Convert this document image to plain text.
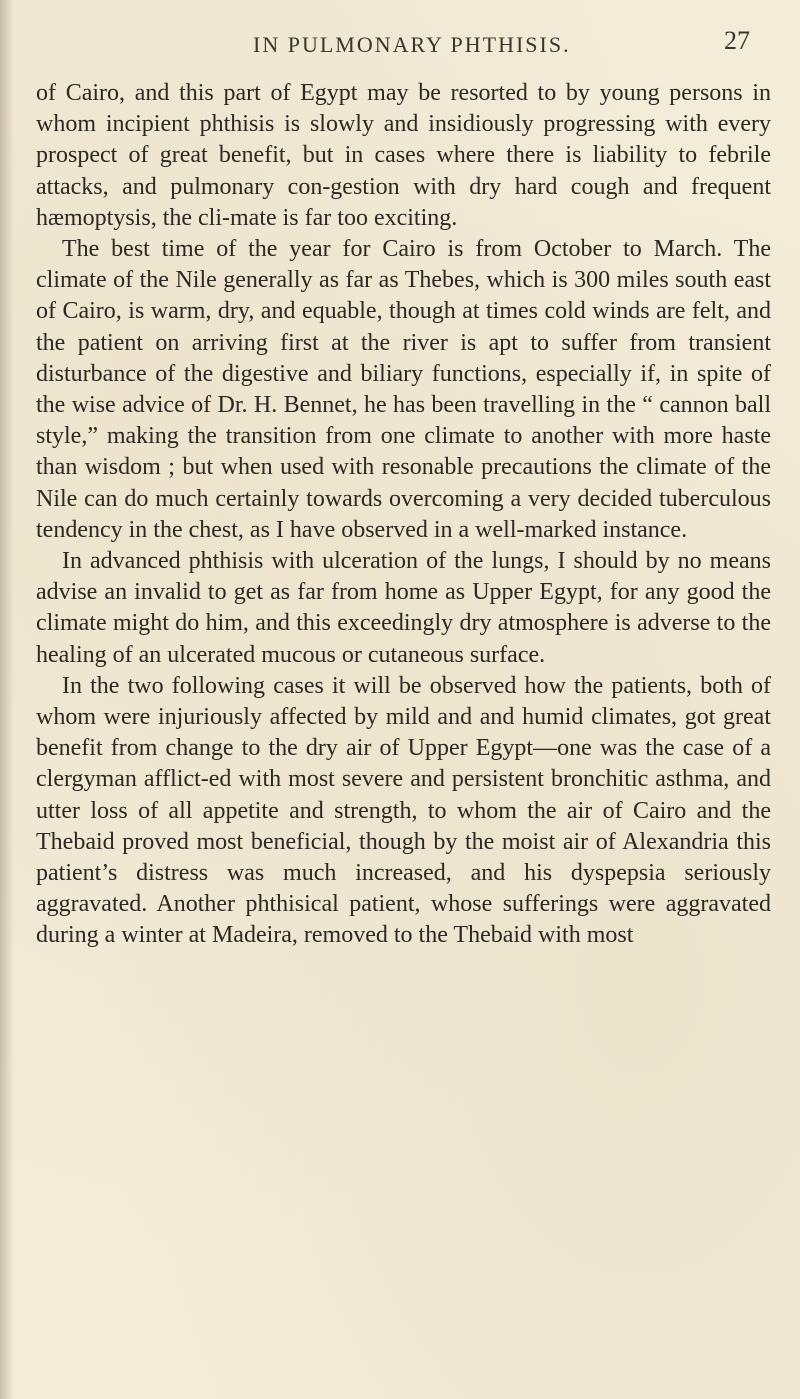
IN PULMONARY PHTHISIS.	27

of Cairo, and this part of Egypt may be resorted to by young persons in whom incipient phthisis is slowly and insidiously progressing with every prospect of great benefit, but in cases where there is liability to febrile attacks, and pulmonary con-gestion with dry hard cough and frequent hæmoptysis, the cli-mate is far too exciting.

The best time of the year for Cairo is from October to March. The climate of the Nile generally as far as Thebes, which is 300 miles south east of Cairo, is warm, dry, and equable, though at times cold winds are felt, and the patient on arriving first at the river is apt to suffer from transient disturbance of the digestive and biliary functions, especially if, in spite of the wise advice of Dr. H. Bennet, he has been travelling in the “ cannon ball style,” making the transition from one climate to another with more haste than wisdom ; but when used with resonable precautions the climate of the Nile can do much certainly towards overcoming a very decided tuberculous tendency in the chest, as I have observed in a well-marked instance.

In advanced phthisis with ulceration of the lungs, I should by no means advise an invalid to get as far from home as Upper Egypt, for any good the climate might do him, and this exceedingly dry atmosphere is adverse to the healing of an ulcerated mucous or cutaneous surface.

In the two following cases it will be observed how the patients, both of whom were injuriously affected by mild and and humid climates, got great benefit from change to the dry air of Upper Egypt—one was the case of a clergyman afflict-ed with most severe and persistent bronchitic asthma, and utter loss of all appetite and strength, to whom the air of Cairo and the Thebaid proved most beneficial, though by the moist air of Alexandria this patient’s distress was much increased, and his dyspepsia seriously aggravated. Another phthisical patient, whose sufferings were aggravated during a winter at Madeira, removed to the Thebaid with most
